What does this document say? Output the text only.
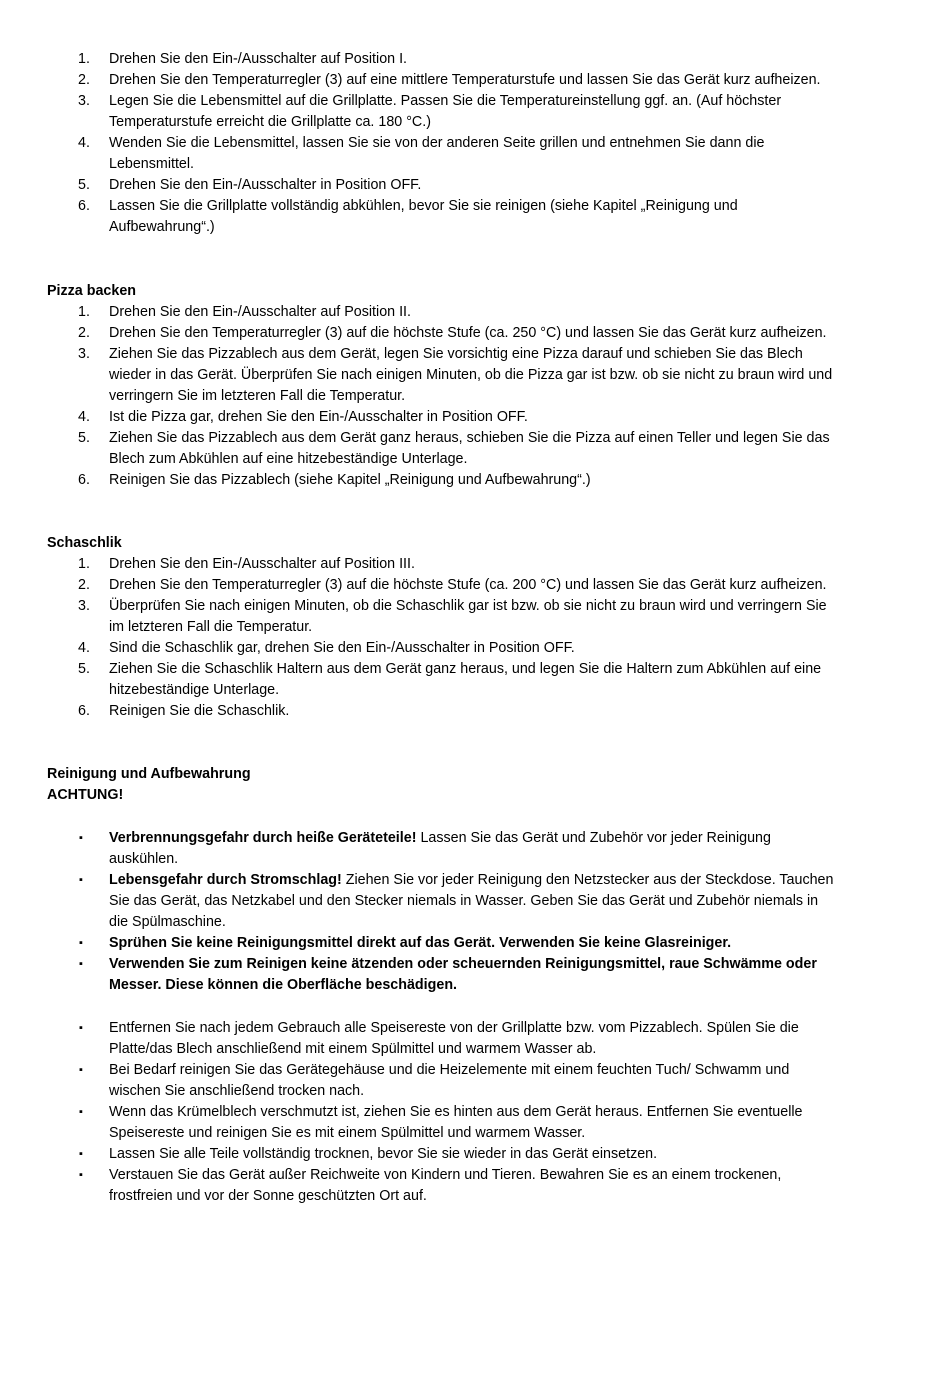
1.	Drehen Sie den Ein-/Ausschalter auf Position I.
2.	Drehen Sie den Temperaturregler (3) auf eine mittlere Temperaturstufe und lassen Sie das Gerät kurz aufheizen.
3.	Legen Sie die Lebensmittel auf die Grillplatte. Passen Sie die Temperatureinstellung ggf. an. (Auf höchster Temperaturstufe erreicht die Grillplatte ca. 180 °C.)
4.	Wenden Sie die Lebensmittel, lassen Sie sie von der anderen Seite grillen und entnehmen Sie dann die Lebensmittel.
5.	Drehen Sie den Ein-/Ausschalter in Position OFF.
6.	Lassen Sie die Grillplatte vollständig abkühlen, bevor Sie sie reinigen (siehe Kapitel „Reinigung und Aufbewahrung“.)
Pizza backen
1.	Drehen Sie den Ein-/Ausschalter auf Position II.
2.	Drehen Sie den Temperaturregler (3) auf die höchste Stufe (ca. 250 °C) und lassen Sie das Gerät kurz aufheizen.
3.	Ziehen Sie das Pizzablech aus dem Gerät, legen Sie vorsichtig eine Pizza darauf und schieben Sie das Blech wieder in das Gerät. Überprüfen Sie nach einigen Minuten, ob die Pizza gar ist bzw. ob sie nicht zu braun wird und verringern Sie im letzteren Fall die Temperatur.
4.	Ist die Pizza gar, drehen Sie den Ein-/Ausschalter in Position OFF.
5.	Ziehen Sie das Pizzablech aus dem Gerät ganz heraus, schieben Sie die Pizza auf einen Teller und legen Sie das Blech zum Abkühlen auf eine hitzebeständige Unterlage.
6.	Reinigen Sie das Pizzablech (siehe Kapitel „Reinigung und Aufbewahrung“.)
Schaschlik
1.	Drehen Sie den Ein-/Ausschalter auf Position III.
2.	Drehen Sie den Temperaturregler (3) auf die höchste Stufe (ca. 200 °C) und lassen Sie das Gerät kurz aufheizen.
3.	Überprüfen Sie nach einigen Minuten, ob die Schaschlik gar ist bzw. ob sie nicht zu braun wird und verringern Sie im letzteren Fall die Temperatur.
4.	Sind die Schaschlik gar, drehen Sie den Ein-/Ausschalter in Position OFF.
5.	Ziehen Sie die Schaschlik Haltern aus dem Gerät ganz heraus, und legen Sie die Haltern zum Abkühlen auf eine hitzebeständige Unterlage.
6.	Reinigen Sie die Schaschlik.
Reinigung und Aufbewahrung
ACHTUNG!
▪ Verbrennungsgefahr durch heiße Geräteteile! Lassen Sie das Gerät und Zubehör vor jeder Reinigung auskühlen.
▪ Lebensgefahr durch Stromschlag! Ziehen Sie vor jeder Reinigung den Netzstecker aus der Steckdose. Tauchen Sie das Gerät, das Netzkabel und den Stecker niemals in Wasser. Geben Sie das Gerät und Zubehör niemals in die Spülmaschine.
▪ Sprühen Sie keine Reinigungsmittel direkt auf das Gerät. Verwenden Sie keine Glasreiniger.
▪ Verwenden Sie zum Reinigen keine ätzenden oder scheuernden Reinigungsmittel, raue Schwämme oder Messer. Diese können die Oberfläche beschädigen.
▪ Entfernen Sie nach jedem Gebrauch alle Speisereste von der Grillplatte bzw. vom Pizzablech. Spülen Sie die Platte/das Blech anschließend mit einem Spülmittel und warmem Wasser ab.
▪ Bei Bedarf reinigen Sie das Gerätegehäuse und die Heizelemente mit einem feuchten Tuch/ Schwamm und wischen Sie anschließend trocken nach.
▪ Wenn das Krümelblech verschmutzt ist, ziehen Sie es hinten aus dem Gerät heraus. Entfernen Sie eventuelle Speisereste und reinigen Sie es mit einem Spülmittel und warmem Wasser.
▪ Lassen Sie alle Teile vollständig trocknen, bevor Sie sie wieder in das Gerät einsetzen.
▪ Verstauen Sie das Gerät außer Reichweite von Kindern und Tieren. Bewahren Sie es an einem trockenen, frostfreien und vor der Sonne geschützten Ort auf.
